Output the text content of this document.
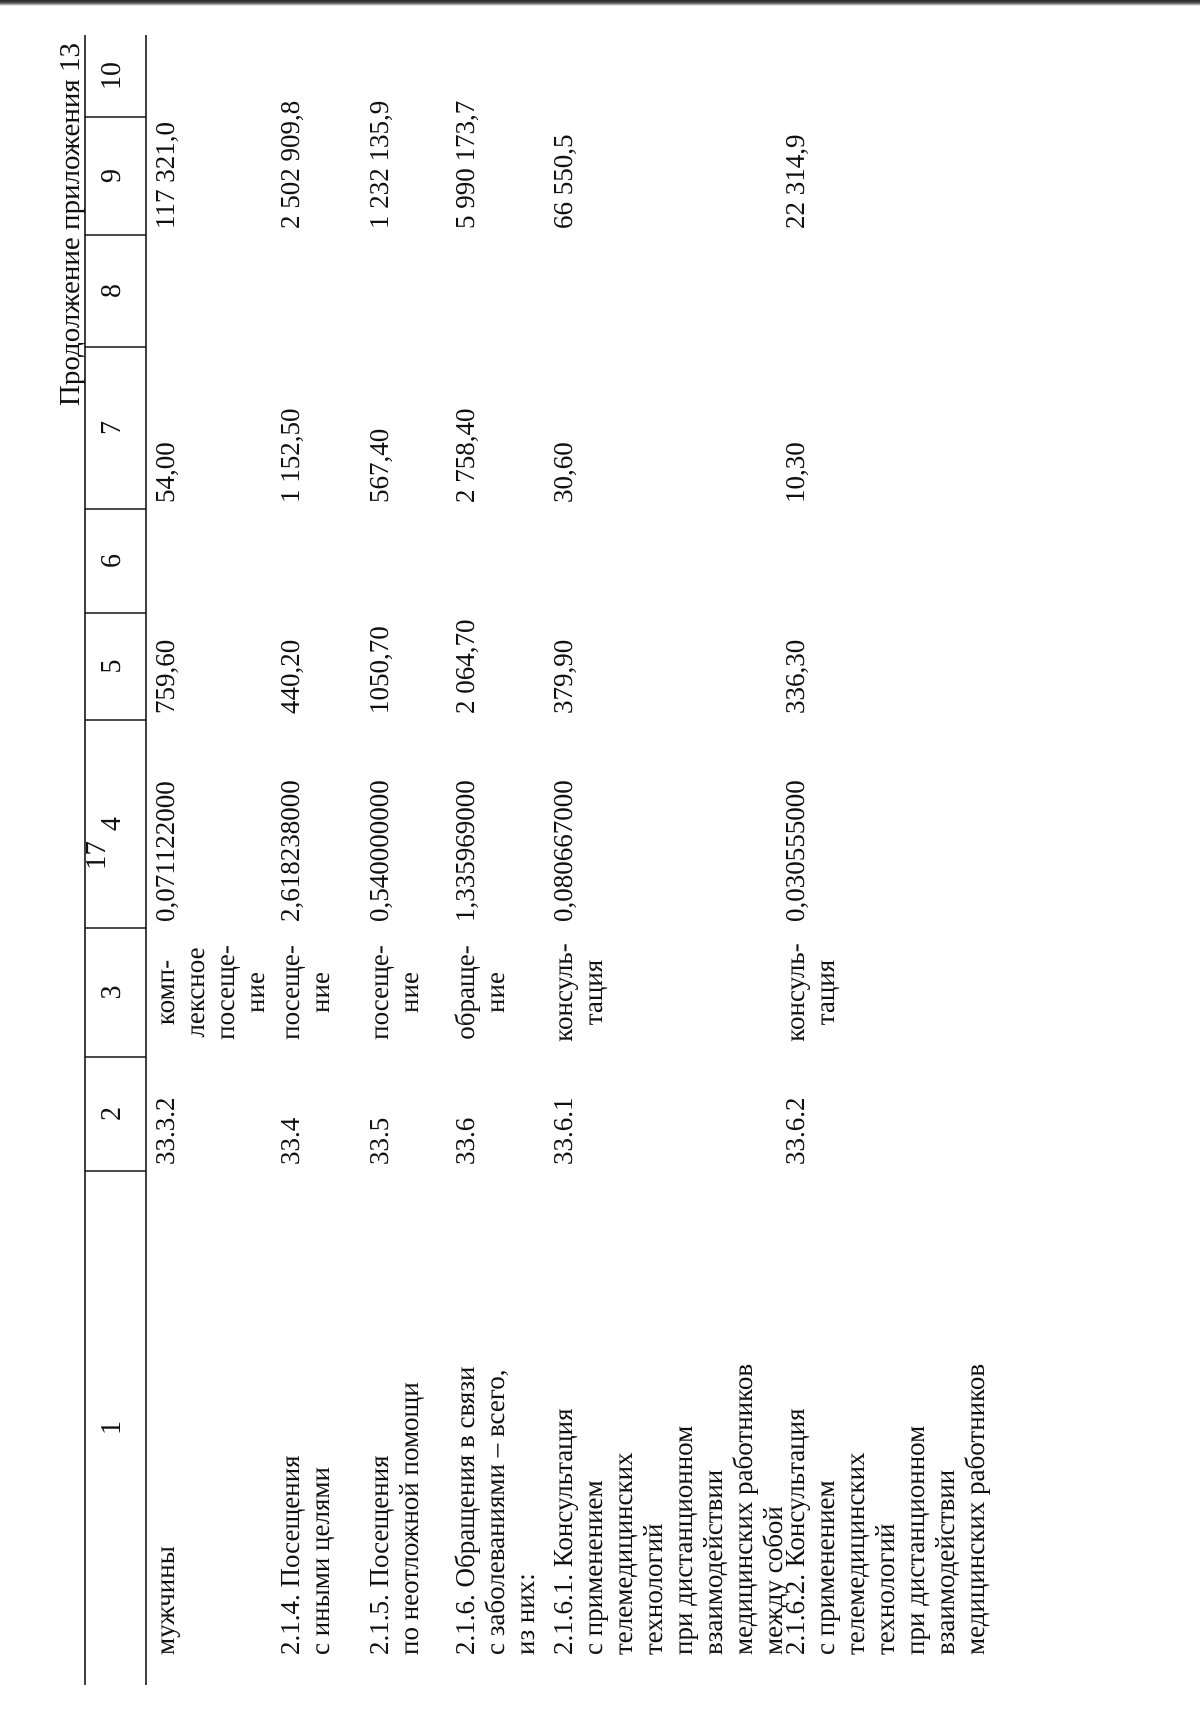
17
Продолжение приложения 13
1
2
3
4
5
6
7
8
9
10
мужчины
комп- лексное посеще- ние
33.3.2
0,071122000
759,60
54,00
117 321,0
2.1.4. Посещения с иными целями
посеще- ние
33.4
2,618238000
440,20
1 152,50
2 502 909,8
2.1.5. Посещения по неотложной помощи
посеще- ние
33.5
0,540000000
1050,70
567,40
1 232 135,9
2.1.6. Обращения в связи с заболеваниями – всего, из них:
обраще- ние
33.6
1,335969000
2 064,70
2 758,40
5 990 173,7
2.1.6.1. Консультация с применением телемедицинских технологий при дистанционном взаимодействии медицинских работников между собой
консуль- тация
33.6.1
0,080667000
379,90
30,60
66 550,5
2.1.6.2. Консультация с применением телемедицинских технологий при дистанционном взаимодействии медицинских работников
консуль- тация
33.6.2
0,030555000
336,30
10,30
22 314,9
